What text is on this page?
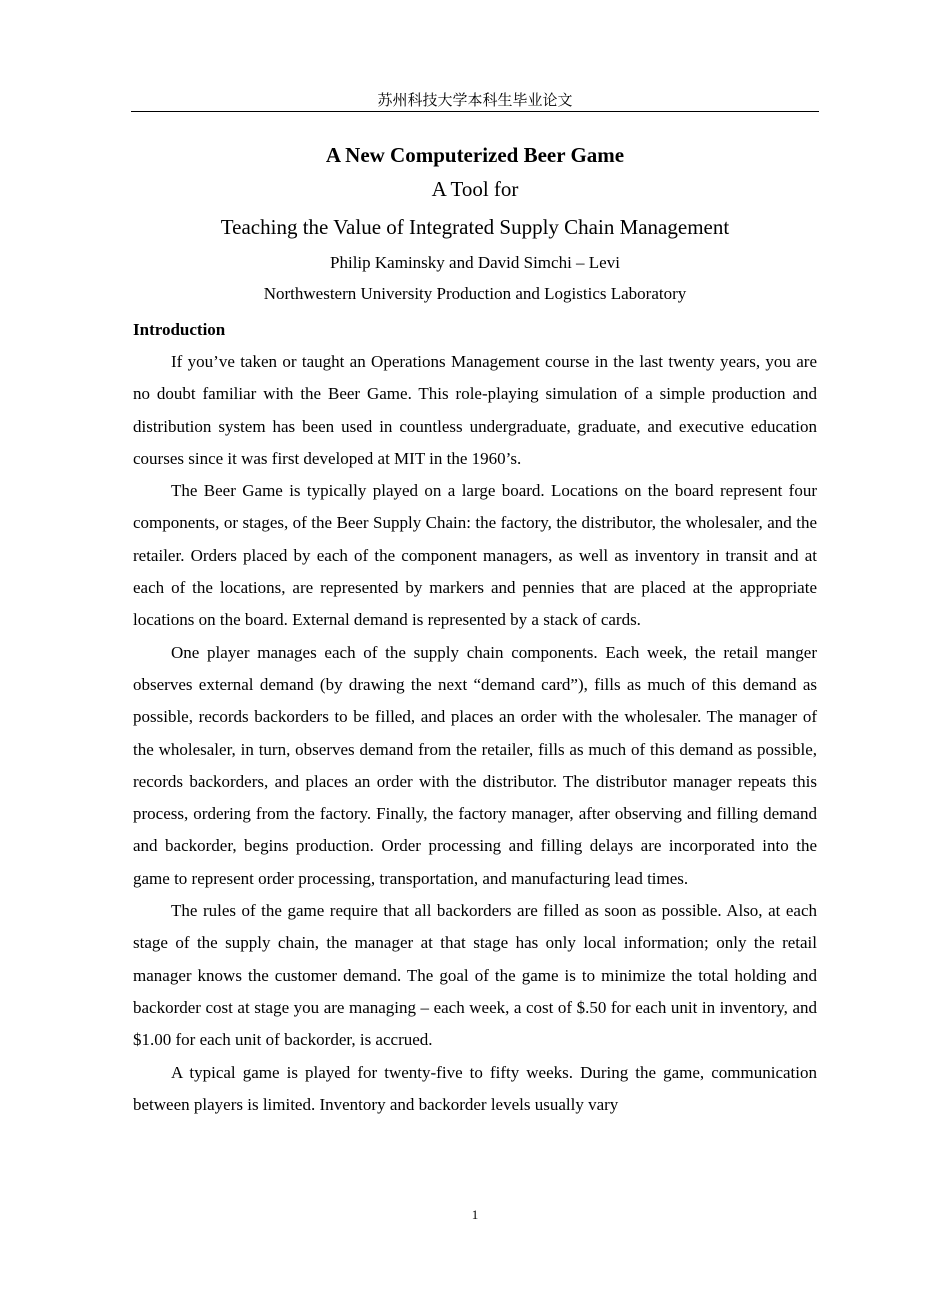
苏州科技大学本科生毕业论文

A New Computerized Beer Game

A Tool for

Teaching the Value of Integrated Supply Chain Management

Philip Kaminsky and David Simchi – Levi

Northwestern University Production and Logistics Laboratory

Introduction

If you’ve taken or taught an Operations Management course in the last twenty years, you are no doubt familiar with the Beer Game. This role-playing simulation of a simple production and distribution system has been used in countless undergraduate, graduate, and executive education courses since it was first developed at MIT in the 1960’s.

The Beer Game is typically played on a large board. Locations on the board represent four components, or stages, of the Beer Supply Chain: the factory, the distributor, the wholesaler, and the retailer. Orders placed by each of the component managers, as well as inventory in transit and at each of the locations, are represented by markers and pennies that are placed at the appropriate locations on the board. External demand is represented by a stack of cards.

One player manages each of the supply chain components. Each week, the retail manger observes external demand (by drawing the next “demand card”), fills as much of this demand as possible, records backorders to be filled, and places an order with the wholesaler. The manager of the wholesaler, in turn, observes demand from the retailer, fills as much of this demand as possible, records backorders, and places an order with the distributor. The distributor manager repeats this process, ordering from the factory. Finally, the factory manager, after observing and filling demand and backorder, begins production. Order processing and filling delays are incorporated into the game to represent order processing, transportation, and manufacturing lead times.

The rules of the game require that all backorders are filled as soon as possible. Also, at each stage of the supply chain, the manager at that stage has only local information; only the retail manager knows the customer demand. The goal of the game is to minimize the total holding and backorder cost at stage you are managing – each week, a cost of $.50 for each unit in inventory, and $1.00 for each unit of backorder, is accrued.

A typical game is played for twenty-five to fifty weeks. During the game, communication between players is limited. Inventory and backorder levels usually vary

1
